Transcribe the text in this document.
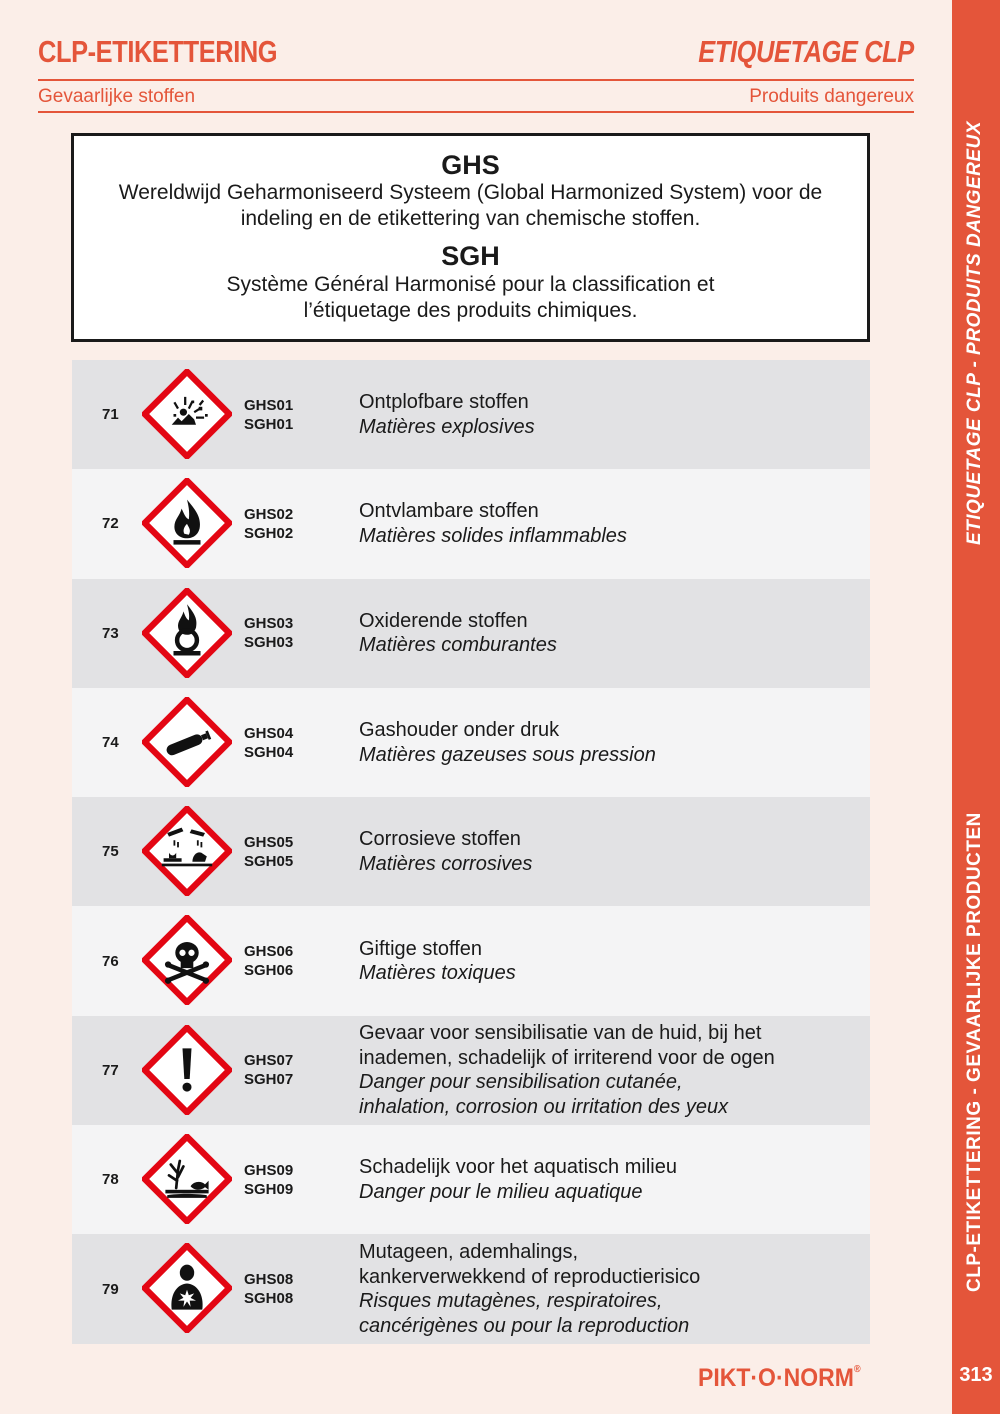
ETIQUETAGE CLP - PRODUITS DANGEREUX
CLP-ETIKETTERING - GEVAARLIJKE PRODUCTEN
313
CLP-ETIKETTERING	ETIQUETAGE CLP
Gevaarlijke stoffen	Produits dangereux
GHS
Wereldwijd Geharmoniseerd Systeem (Global Harmonized System) voor de indeling en de etikettering van chemische stoffen.
SGH
Système Général Harmonisé pour la classification et l’étiquetage des produits chimiques.
71
GHS01
SGH01

Ontplofbare stoffen

Matières explosives

72
GHS02
SGH02

Ontvlambare stoffen

Matières solides inflammables

73
GHS03
SGH03

Oxiderende stoffen

Matières comburantes

74
GHS04
SGH04

Gashouder onder druk

Matières gazeuses sous pression

75
GHS05
SGH05

Corrosieve stoffen

Matières corrosives

76
GHS06
SGH06

Giftige stoffen

Matières toxiques

77
GHS07
SGH07

Gevaar voor sensibilisatie van de huid, bij het
inademen, schadelijk of irriterend voor de ogen

Danger pour sensibilisation cutanée,
inhalation, corrosion ou irritation des yeux

78
GHS09
SGH09

Schadelijk voor het aquatisch milieu

Danger pour le milieu aquatique

79
GHS08
SGH08

Mutageen, ademhalings,
kankerverwekkend of reproductierisico

Risques mutagènes, respiratoires,
cancérigènes ou pour la reproduction

PIKT·O·NORM®
